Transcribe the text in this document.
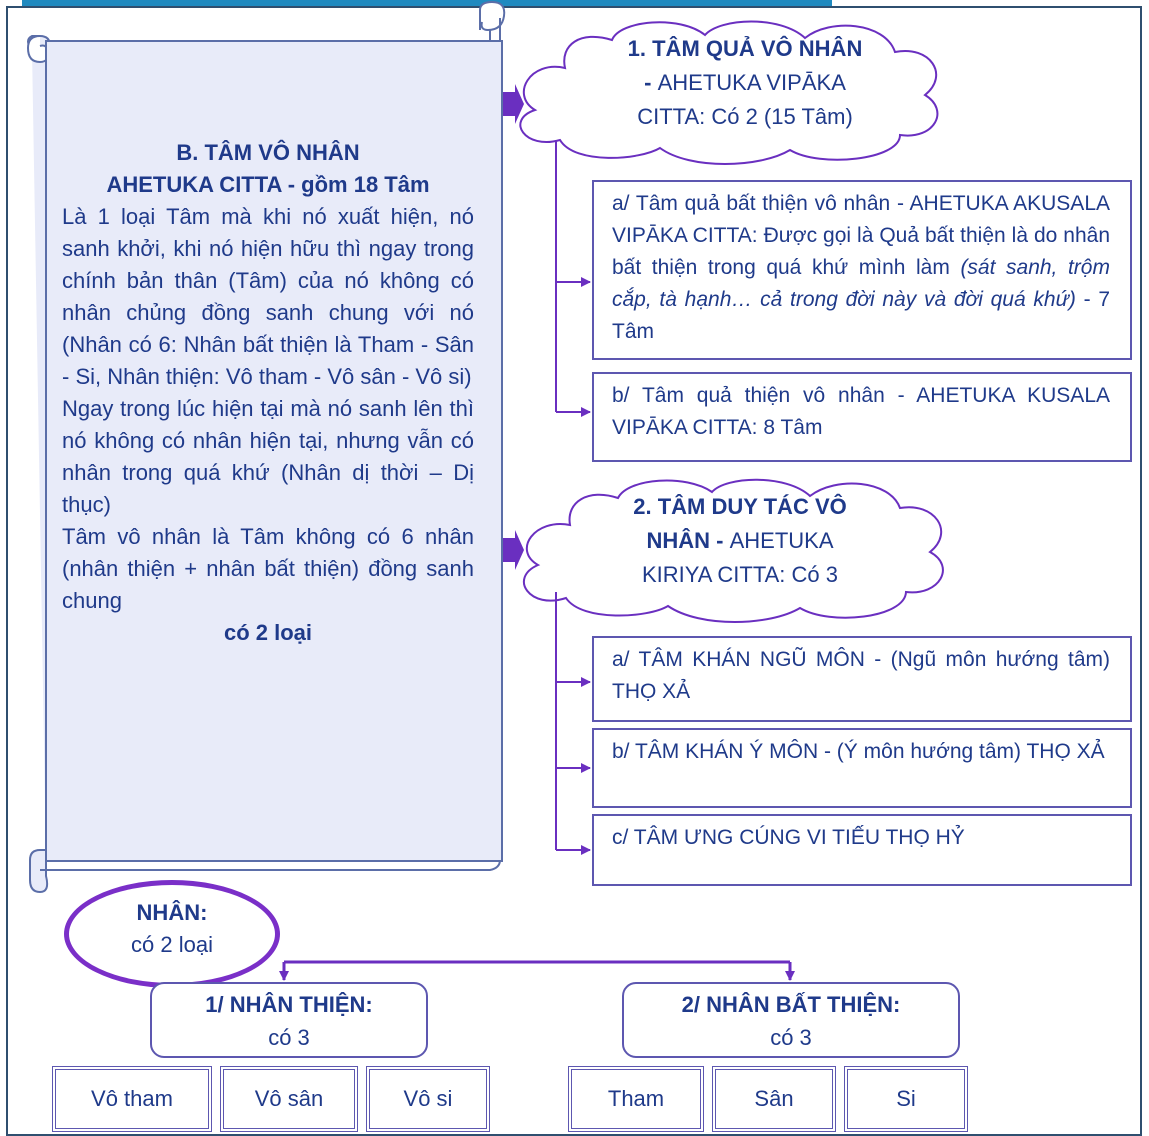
B. TÂM VÔ NHÂN
AHETUKA CITTA - gồm 18 Tâm
Là 1 loại Tâm mà khi nó xuất hiện, nó sanh khởi, khi nó hiện hữu thì ngay trong chính bản thân (Tâm) của nó không có nhân chủng đồng sanh chung với nó (Nhân có 6: Nhân bất thiện là Tham - Sân - Si, Nhân thiện: Vô tham - Vô sân - Vô si)
Ngay trong lúc hiện tại mà nó sanh lên thì nó không có nhân hiện tại, nhưng vẫn có nhân trong quá khứ (Nhân dị thời – Dị thục)
Tâm vô nhân là Tâm không có 6 nhân (nhân thiện + nhân bất thiện) đồng sanh chung
có 2 loại
1. TÂM QUẢ VÔ NHÂN
- AHETUKA VIPĀKA
CITTA: Có 2 (15 Tâm)
a/ Tâm quả bất thiện vô nhân - AHETUKA AKUSALA VIPĀKA CITTA: Được gọi là Quả bất thiện là do nhân bất thiện trong quá khứ mình làm (sát sanh, trộm cắp, tà hạnh… cả trong đời này và đời quá khứ) - 7 Tâm
b/ Tâm quả thiện vô nhân - AHETUKA KUSALA VIPĀKA CITTA: 8 Tâm
2. TÂM DUY TÁC VÔ
NHÂN - AHETUKA
KIRIYA CITTA: Có 3
a/ TÂM KHÁN NGŨ MÔN - (Ngũ môn hướng tâm) THỌ XẢ
b/ TÂM KHÁN Ý MÔN - (Ý môn hướng tâm) THỌ XẢ
c/ TÂM ƯNG CÚNG VI TIẾU THỌ HỶ
NHÂN:
có 2 loại
1/ NHÂN THIỆN:
có 3
2/ NHÂN BẤT THIỆN:
có 3
Vô tham	Vô sân	Vô si	Tham	Sân	Si
